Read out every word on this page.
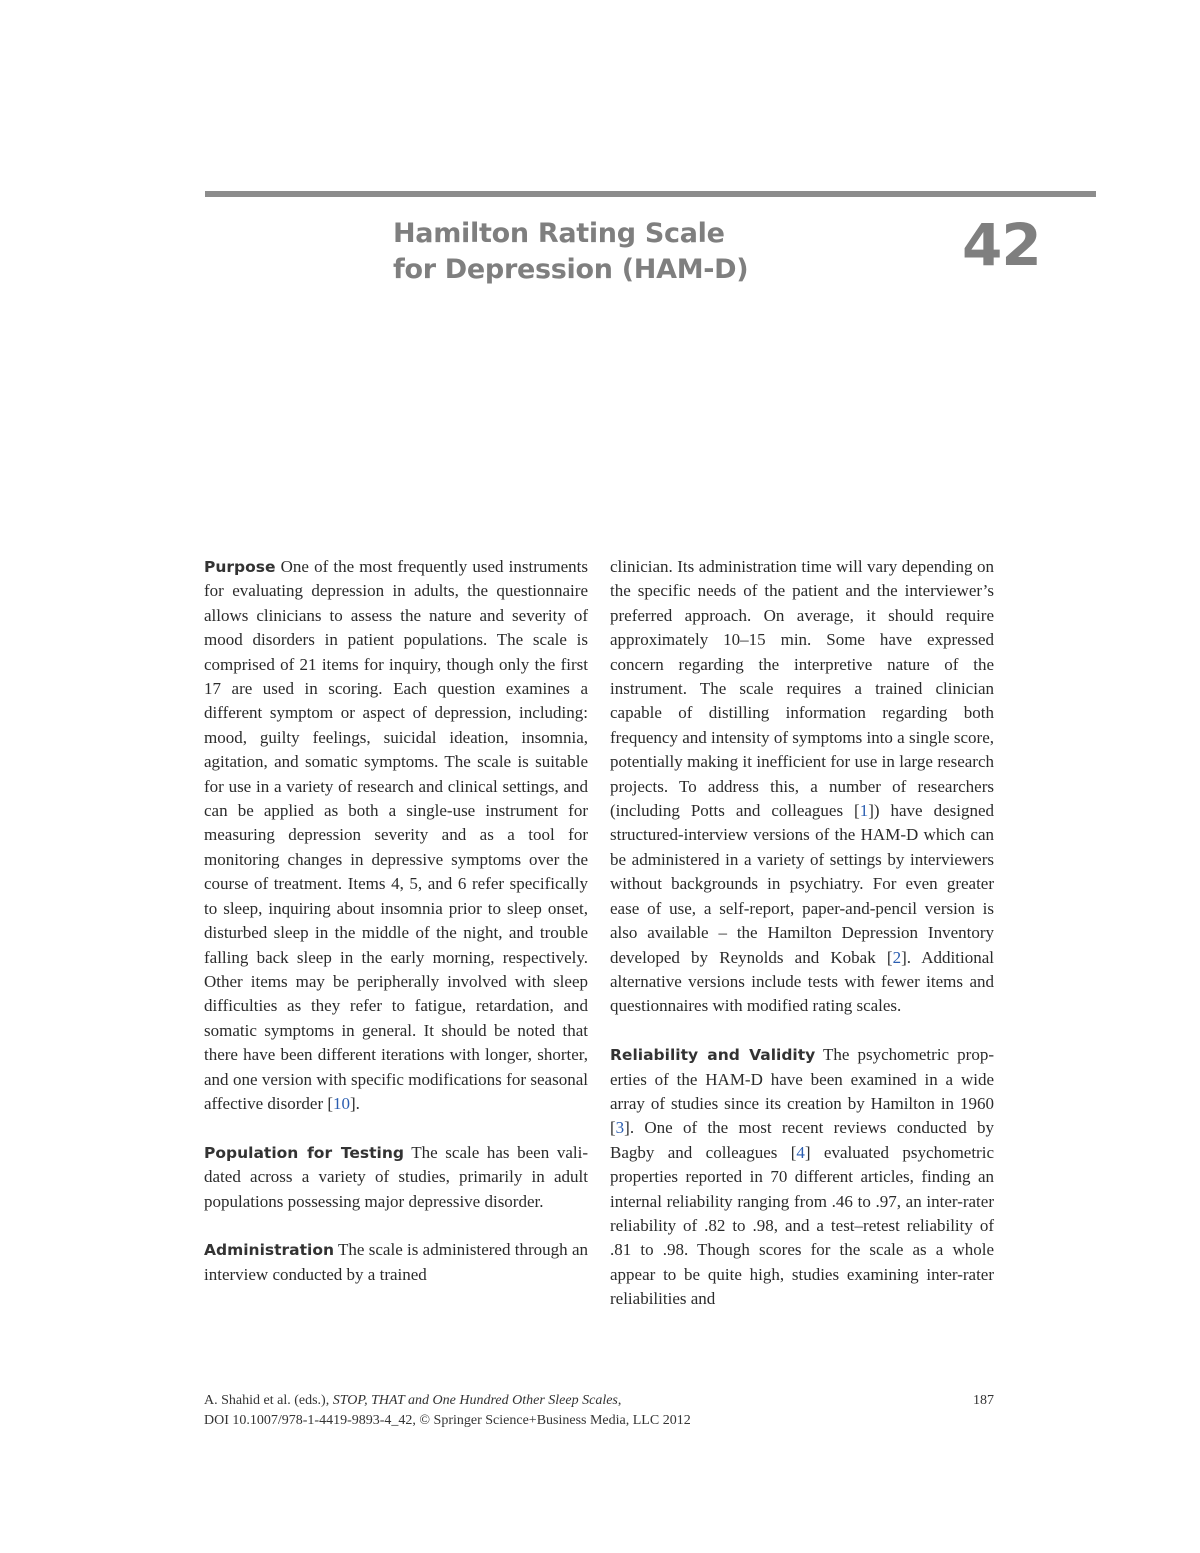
Hamilton Rating Scale
for Depression (HAM-D)	42

Purpose One of the most frequently used instruments for evaluating depression in adults, the questionnaire allows clinicians to assess the nature and severity of mood disorders in patient populations. The scale is comprised of 21 items for inquiry, though only the first 17 are used in scoring. Each question examines a different symptom or aspect of depression, including: mood, guilty feelings, suicidal ideation, insomnia, agitation, and somatic symptoms. The scale is suitable for use in a variety of research and clinical settings, and can be applied as both a single-use instrument for measuring depression severity and as a tool for monitoring changes in depressive symptoms over the course of treatment. Items 4, 5, and 6 refer specifically to sleep, inquiring about insomnia prior to sleep onset, disturbed sleep in the middle of the night, and trouble falling back sleep in the early morning, respectively. Other items may be peripherally involved with sleep difficulties as they refer to fatigue, retardation, and somatic symptoms in general. It should be noted that there have been different iterations with longer, shorter, and one version with specific modifications for seasonal affective disorder [10].

Population for Testing The scale has been validated across a variety of studies, primarily in adult populations possessing major depressive disorder.

Administration The scale is administered through an interview conducted by a trained

clinician. Its administration time will vary depending on the specific needs of the patient and the interviewer’s preferred approach. On average, it should require approximately 10–15 min. Some have expressed concern regarding the interpretive nature of the instrument. The scale requires a trained clinician capable of distilling information regarding both frequency and intensity of symptoms into a single score, potentially making it inefficient for use in large research projects. To address this, a number of researchers (including Potts and colleagues [1]) have designed structured-interview versions of the HAM-D which can be administered in a variety of settings by interviewers without backgrounds in psychiatry. For even greater ease of use, a self-report, paper-and-pencil version is also available – the Hamilton Depression Inventory developed by Reynolds and Kobak [2]. Additional alternative versions include tests with fewer items and questionnaires with modified rating scales.

Reliability and Validity The psychometric properties of the HAM-D have been examined in a wide array of studies since its creation by Hamilton in 1960 [3]. One of the most recent reviews conducted by Bagby and colleagues [4] evaluated psychometric properties reported in 70 different articles, finding an internal reliability ranging from .46 to .97, an inter-rater reliability of .82 to .98, and a test–retest reliability of .81 to .98. Though scores for the scale as a whole appear to be quite high, studies examining inter-rater reliabilities and

A. Shahid et al. (eds.), STOP, THAT and One Hundred Other Sleep Scales,
DOI 10.1007/978-1-4419-9893-4_42, © Springer Science+Business Media, LLC 2012
187
